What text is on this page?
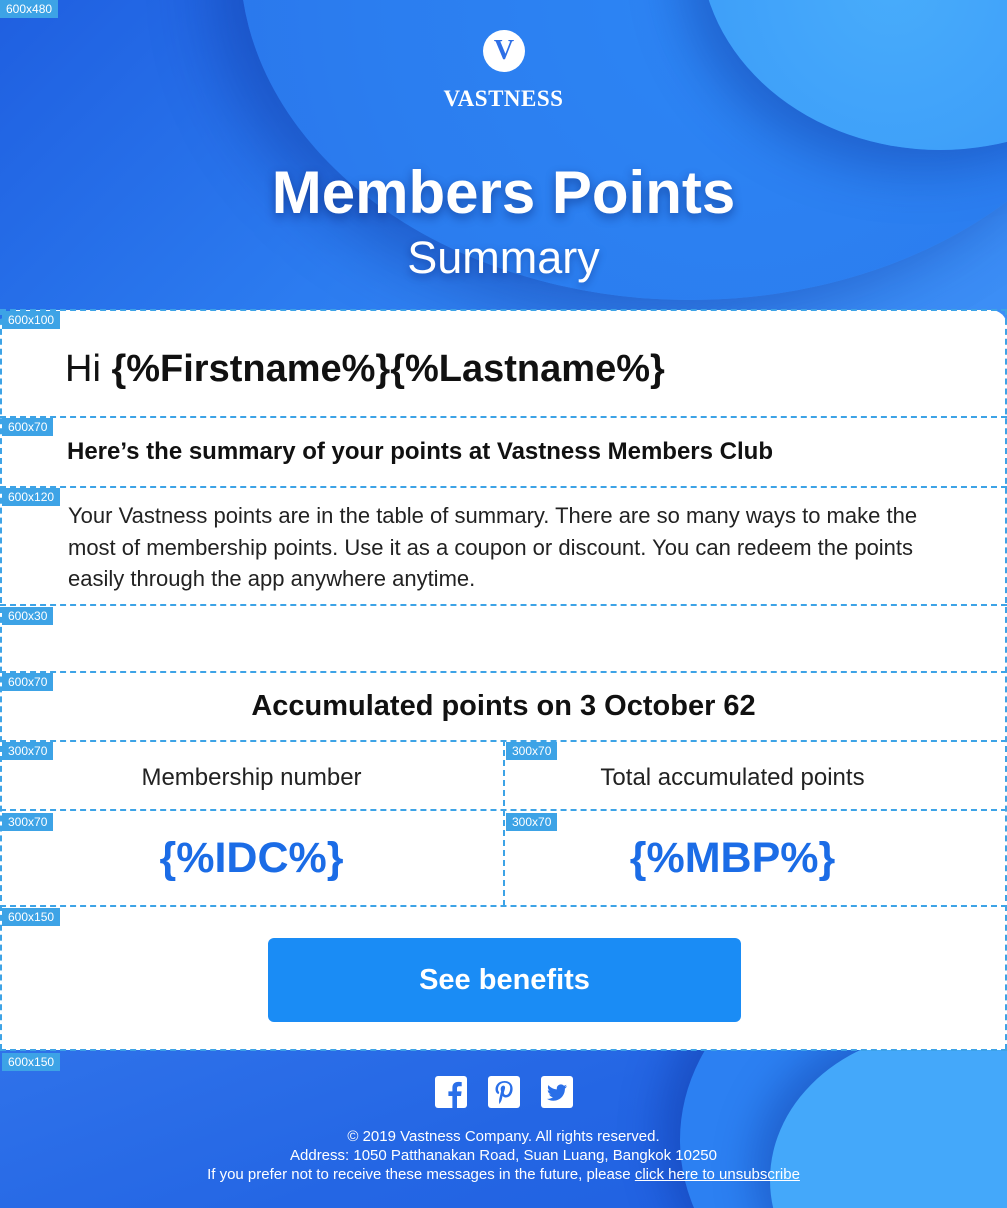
V
VASTNESS
Members Points
Summary
Hi {%Firstname%}{%Lastname%}
Here’s the summary of your points at Vastness Members Club
Your Vastness points are in the table of summary. There are so many ways to make the most of membership points. Use it as a coupon or discount. You can redeem the points easily through the app anywhere anytime.
Accumulated points on 3 October 62
Membership number	Total accumulated points
{%IDC%}	{%MBP%}
See benefits
© 2019 Vastness Company. All rights reserved.
Address: 1050 Patthanakan Road, Suan Luang, Bangkok 10250
If you prefer not to receive these messages in the future, please click here to unsubscribe
600x480
600x100
600x70
600x120
600x30
600x70
300x70	300x70
300x70	300x70
600x150
600x150
